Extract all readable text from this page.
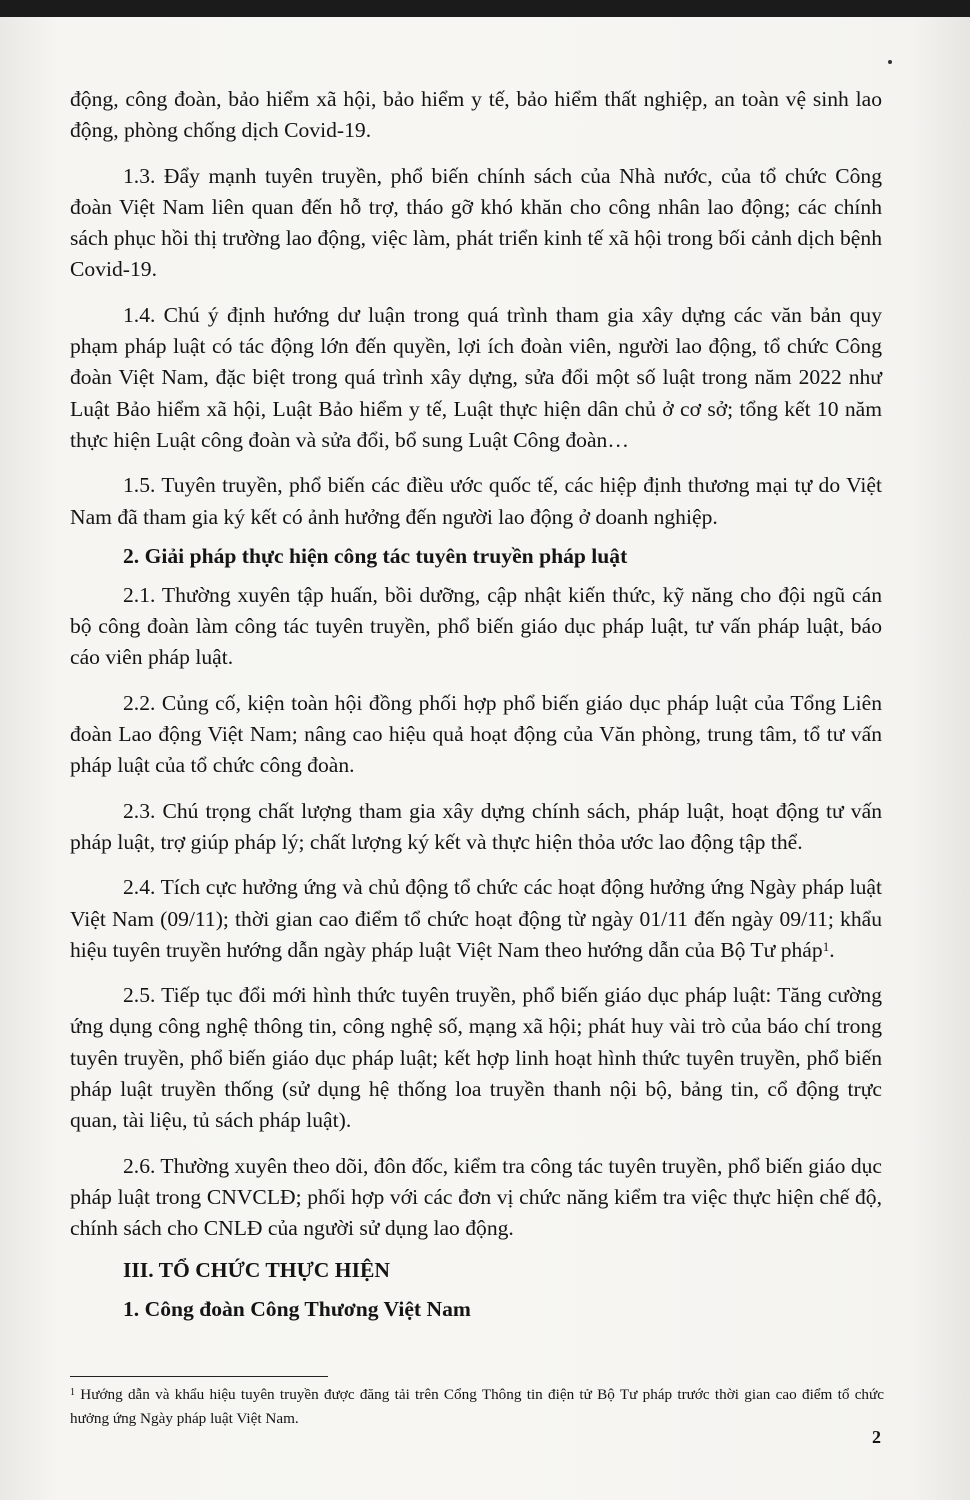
động, công đoàn, bảo hiểm xã hội, bảo hiểm y tế, bảo hiểm thất nghiệp, an toàn vệ sinh lao động, phòng chống dịch Covid-19.

1.3. Đẩy mạnh tuyên truyền, phổ biến chính sách của Nhà nước, của tổ chức Công đoàn Việt Nam liên quan đến hỗ trợ, tháo gỡ khó khăn cho công nhân lao động; các chính sách phục hồi thị trường lao động, việc làm, phát triển kinh tế xã hội trong bối cảnh dịch bệnh Covid-19.

1.4. Chú ý định hướng dư luận trong quá trình tham gia xây dựng các văn bản quy phạm pháp luật có tác động lớn đến quyền, lợi ích đoàn viên, người lao động, tổ chức Công đoàn Việt Nam, đặc biệt trong quá trình xây dựng, sửa đổi một số luật trong năm 2022 như Luật Bảo hiểm xã hội, Luật Bảo hiểm y tế, Luật thực hiện dân chủ ở cơ sở; tổng kết 10 năm thực hiện Luật công đoàn và sửa đổi, bổ sung Luật Công đoàn…

1.5. Tuyên truyền, phổ biến các điều ước quốc tế, các hiệp định thương mại tự do Việt Nam đã tham gia ký kết có ảnh hưởng đến người lao động ở doanh nghiệp.

2. Giải pháp thực hiện công tác tuyên truyền pháp luật

2.1. Thường xuyên tập huấn, bồi dưỡng, cập nhật kiến thức, kỹ năng cho đội ngũ cán bộ công đoàn làm công tác tuyên truyền, phổ biến giáo dục pháp luật, tư vấn pháp luật, báo cáo viên pháp luật.

2.2. Củng cố, kiện toàn hội đồng phối hợp phổ biến giáo dục pháp luật của Tổng Liên đoàn Lao động Việt Nam; nâng cao hiệu quả hoạt động của Văn phòng, trung tâm, tổ tư vấn pháp luật của tổ chức công đoàn.

2.3. Chú trọng chất lượng tham gia xây dựng chính sách, pháp luật, hoạt động tư vấn pháp luật, trợ giúp pháp lý; chất lượng ký kết và thực hiện thỏa ước lao động tập thể.

2.4. Tích cực hưởng ứng và chủ động tổ chức các hoạt động hưởng ứng Ngày pháp luật Việt Nam (09/11); thời gian cao điểm tổ chức hoạt động từ ngày 01/11 đến ngày 09/11; khẩu hiệu tuyên truyền hướng dẫn ngày pháp luật Việt Nam theo hướng dẫn của Bộ Tư pháp$^1$.

2.5. Tiếp tục đổi mới hình thức tuyên truyền, phổ biến giáo dục pháp luật: Tăng cường ứng dụng công nghệ thông tin, công nghệ số, mạng xã hội; phát huy vài trò của báo chí trong tuyên truyền, phổ biến giáo dục pháp luật; kết hợp linh hoạt hình thức tuyên truyền, phổ biến pháp luật truyền thống (sử dụng hệ thống loa truyền thanh nội bộ, bảng tin, cổ động trực quan, tài liệu, tủ sách pháp luật).

2.6. Thường xuyên theo dõi, đôn đốc, kiểm tra công tác tuyên truyền, phổ biến giáo dục pháp luật trong CNVCLĐ; phối hợp với các đơn vị chức năng kiểm tra việc thực hiện chế độ, chính sách cho CNLĐ của người sử dụng lao động.

III. TỔ CHỨC THỰC HIỆN

1. Công đoàn Công Thương Việt Nam

$^1$ Hướng dẫn và khẩu hiệu tuyên truyền được đăng tải trên Cổng Thông tin điện tử Bộ Tư pháp trước thời gian cao điểm tổ chức hưởng ứng Ngày pháp luật Việt Nam.

2
